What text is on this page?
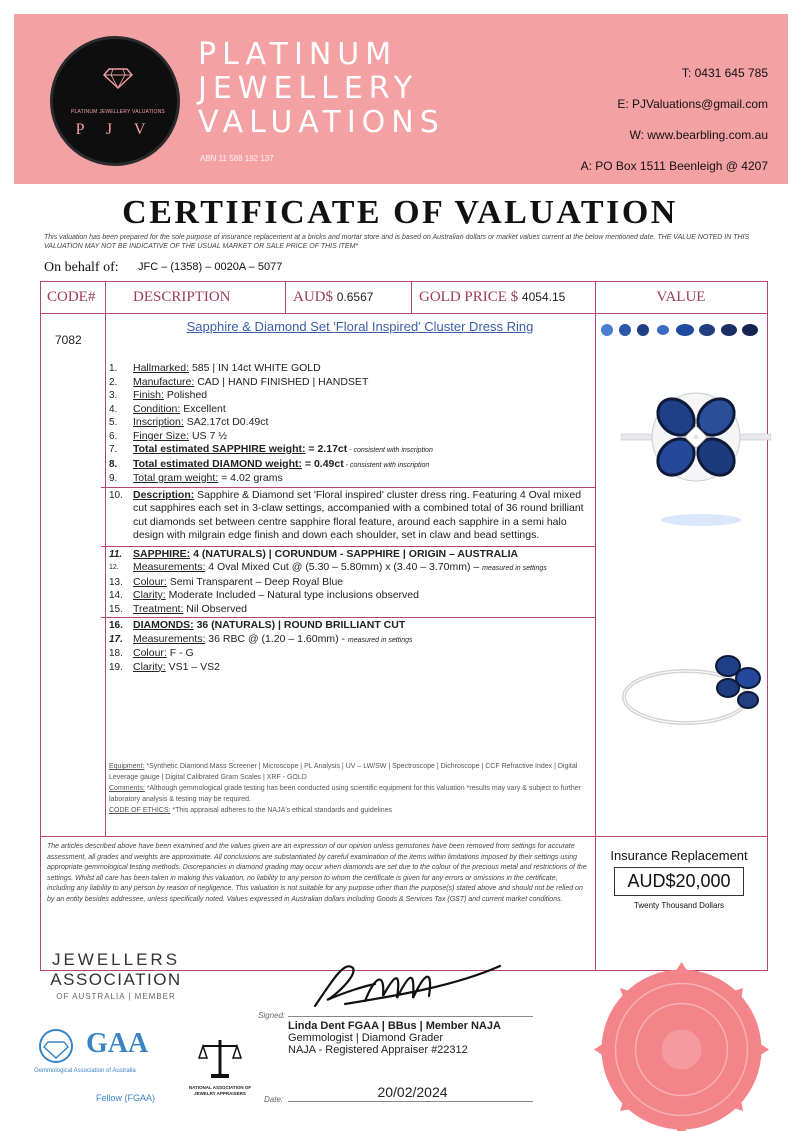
PLATINUM JEWELLERY VALUATIONS
P J V
PLATINUM
JEWELLERY
VALUATIONS
ABN 11 588 192 137
T: 0431 645 785
E: PJValuations@gmail.com
W: www.bearbling.com.au
A: PO Box 1511 Beenleigh @ 4207
CERTIFICATE OF VALUATION
This valuation has been prepared for the sole purpose of insurance replacement at a bricks and mortar store and is based on Australian dollars or market values current at the below mentioned date. THE VALUE NOTED IN THIS VALUATION MAY NOT BE INDICATIVE OF THE USUAL MARKET OR SALE PRICE OF THIS ITEM*
On behalf of: JFC – (1358) – 0020A – 5077
CODE#	DESCRIPTION	AUD$ 0.6567	GOLD PRICE $ 4054.15	VALUE
7082
Sapphire & Diamond Set 'Floral Inspired' Cluster Dress Ring
1. Hallmarked: 585 | IN 14ct WHITE GOLD
2. Manufacture: CAD | HAND FINISHED | HANDSET
3. Finish: Polished
4. Condition: Excellent
5. Inscription: SA2.17ct D0.49ct
6. Finger Size: US 7 ½
7. Total estimated SAPPHIRE weight: = 2.17ct - consistent with inscription
8. Total estimated DIAMOND weight: = 0.49ct - consistent with inscription
9. Total gram weight: = 4.02 grams
10. Description: Sapphire & Diamond set 'Floral inspired' cluster dress ring. Featuring 4 Oval mixed cut sapphires each set in 3-claw settings, accompanied with a combined total of 36 round brilliant cut diamonds set between centre sapphire floral feature, around each sapphire in a semi halo design with milgrain edge finish and down each shoulder, set in claw and bead settings.
11. SAPPHIRE: 4 (NATURALS) | CORUNDUM - SAPPHIRE | ORIGIN – AUSTRALIA
12. Measurements: 4 Oval Mixed Cut @ (5.30 – 5.80mm) x (3.40 – 3.70mm) – measured in settings
13. Colour: Semi Transparent – Deep Royal Blue
14. Clarity: Moderate Included – Natural type inclusions observed
15. Treatment: Nil Observed
16. DIAMONDS: 36 (NATURALS) | ROUND BRILLIANT CUT
17. Measurements: 36 RBC @ (1.20 – 1.60mm) - measured in settings
18. Colour: F - G
19. Clarity: VS1 – VS2
Equipment: *Synthetic Diamond Mass Screener | Microscope | PL Analysis | UV – LW/SW | Spectroscope | Dichroscope | CCF Refractive Index | Digital Leverage gauge | Digital Calibrated Gram Scales | XRF - GOLD
Comments: *Although gemmological grade testing has been conducted using scientific equipment for this valuation *results may vary & subject to further laboratory analysis & testing may be required.
CODE OF ETHICS: *This appraisal adheres to the NAJA's ethical standards and guidelines
The articles described above have been examined and the values given are an expression of our opinion unless gemstones have been removed from settings for accurate assessment, all grades and weights are approximate. All conclusions are substantiated by careful examination of the items within limitations imposed by their settings using appropriate gemmological testing methods. Discrepancies in diamond grading may occur when diamonds are set due to the colour of the precious metal and restrictions of the settings. Whilst all care has been taken in making this valuation, no liability to any person to whom the certificate is given for any errors or omissions in the certificate, including any liability to any person by reason of negligence. This valuation is not suitable for any purpose other than the purpose(s) stated above and should not be relied on by an entity besides addressee, unless specifically noted. Values expressed in Australian dollars including Goods & Services Tax (GST) and current market conditions.
Insurance Replacement
AUD$20,000
Twenty Thousand Dollars
JEWELLERS
ASSOCIATION
OF AUSTRALIA | MEMBER
GAA
Gemmological Association of Australia
Fellow (FGAA)
NATIONAL ASSOCIATION OF JEWELRY APPRAISERS
Signed:
Linda Dent FGAA | BBus | Member NAJA
Gemmologist | Diamond Grader
NAJA - Registered Appraiser #22312
Date:	20/02/2024
